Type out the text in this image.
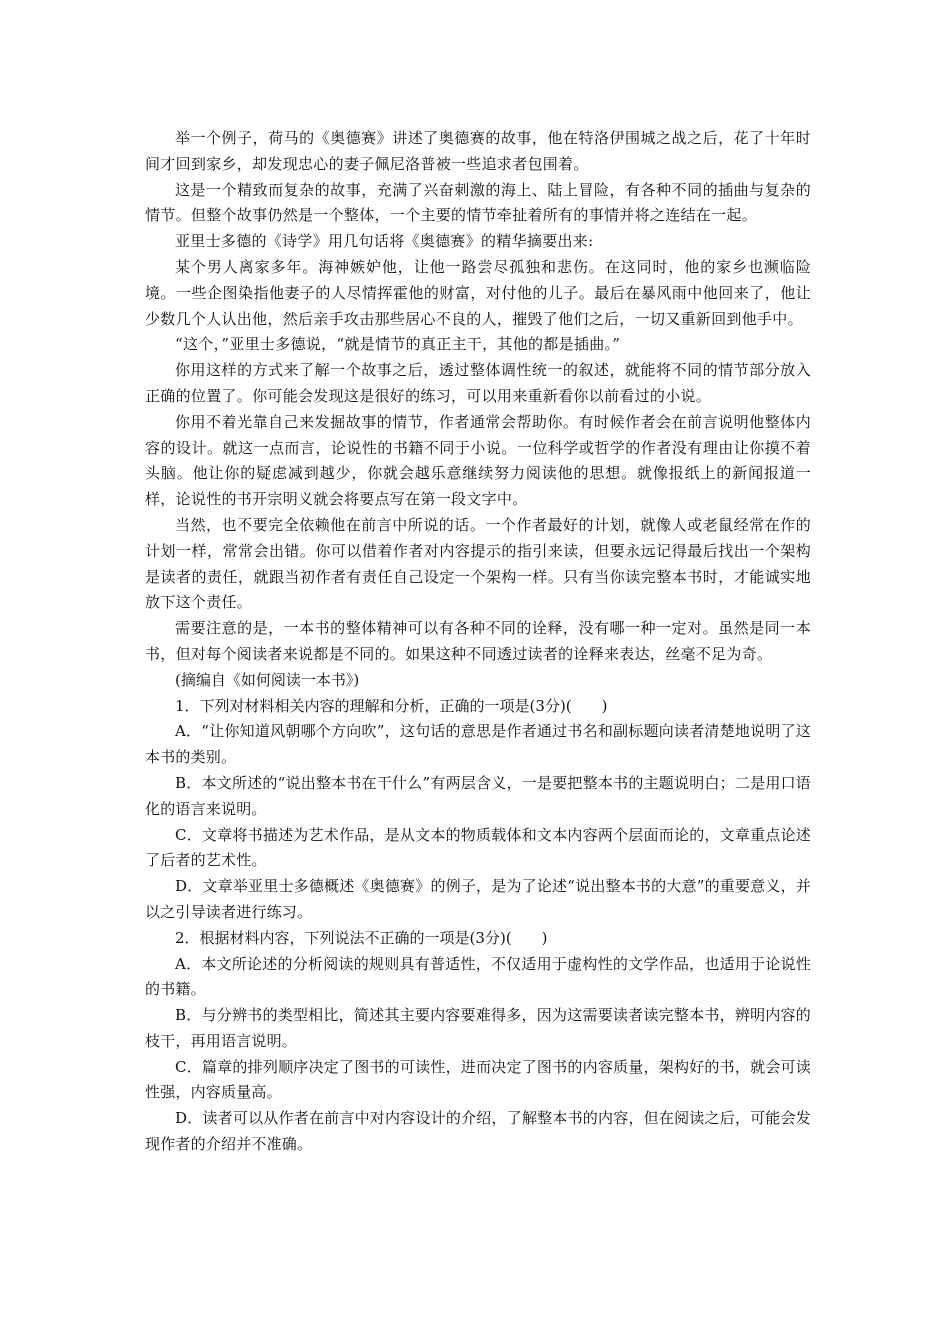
举一个例子，荷马的《奥德赛》讲述了奥德赛的故事，他在特洛伊围城之战之后，花了十年时间才回到家乡，却发现忠心的妻子佩尼洛普被一些追求者包围着。

这是一个精致而复杂的故事，充满了兴奋刺激的海上、陆上冒险，有各种不同的插曲与复杂的情节。但整个故事仍然是一个整体，一个主要的情节牵扯着所有的事情并将之连结在一起。

亚里士多德的《诗学》用几句话将《奥德赛》的精华摘要出来:

某个男人离家多年。海神嫉妒他，让他一路尝尽孤独和悲伤。在这同时，他的家乡也濒临险境。一些企图染指他妻子的人尽情挥霍他的财富，对付他的儿子。最后在暴风雨中他回来了，他让少数几个人认出他，然后亲手攻击那些居心不良的人，摧毁了他们之后，一切又重新回到他手中。

“这个，”亚里士多德说，“就是情节的真正主干，其他的都是插曲。”

你用这样的方式来了解一个故事之后，透过整体调性统一的叙述，就能将不同的情节部分放入正确的位置了。你可能会发现这是很好的练习，可以用来重新看你以前看过的小说。

你用不着光靠自己来发掘故事的情节，作者通常会帮助你。有时候作者会在前言说明他整体内容的设计。就这一点而言，论说性的书籍不同于小说。一位科学或哲学的作者没有理由让你摸不着头脑。他让你的疑虑减到越少，你就会越乐意继续努力阅读他的思想。就像报纸上的新闻报道一样，论说性的书开宗明义就会将要点写在第一段文字中。

当然，也不要完全依赖他在前言中所说的话。一个作者最好的计划，就像人或老鼠经常在作的计划一样，常常会出错。你可以借着作者对内容提示的指引来读，但要永远记得最后找出一个架构是读者的责任，就跟当初作者有责任自己设定一个架构一样。只有当你读完整本书时，才能诚实地放下这个责任。

需要注意的是，一本书的整体精神可以有各种不同的诠释，没有哪一种一定对。虽然是同一本书，但对每个阅读者来说都是不同的。如果这种不同透过读者的诠释来表达，丝毫不足为奇。

(摘编自《如何阅读一本书》)

1．下列对材料相关内容的理解和分析，正确的一项是(3分)(　　)

A．“让你知道风朝哪个方向吹”，这句话的意思是作者通过书名和副标题向读者清楚地说明了这本书的类别。

B．本文所述的“说出整本书在干什么”有两层含义，一是要把整本书的主题说明白；二是用口语化的语言来说明。

C．文章将书描述为艺术作品，是从文本的物质载体和文本内容两个层面而论的，文章重点论述了后者的艺术性。

D．文章举亚里士多德概述《奥德赛》的例子，是为了论述“说出整本书的大意”的重要意义，并以之引导读者进行练习。

2．根据材料内容，下列说法不正确的一项是(3分)(　　)

A．本文所论述的分析阅读的规则具有普适性，不仅适用于虚构性的文学作品，也适用于论说性的书籍。

B．与分辨书的类型相比，简述其主要内容要难得多，因为这需要读者读完整本书，辨明内容的枝干，再用语言说明。

C．篇章的排列顺序决定了图书的可读性，进而决定了图书的内容质量，架构好的书，就会可读性强，内容质量高。

D．读者可以从作者在前言中对内容设计的介绍，了解整本书的内容，但在阅读之后，可能会发现作者的介绍并不准确。
